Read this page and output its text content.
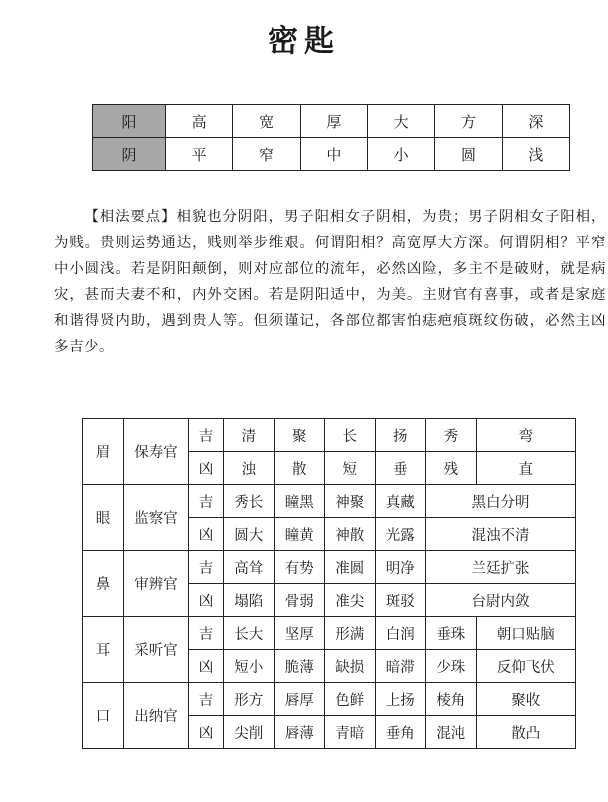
密匙
阳	高	宽	厚	大	方	深
阴	平	窄	中	小	圆	浅
【相法要点】相貌也分阴阳，男子阳相女子阴相，为贵；男子阴相女子阳相，为贱。贵则运势通达，贱则举步维艰。何谓阳相？高宽厚大方深。何谓阴相？平窄中小圆浅。若是阴阳颠倒，则对应部位的流年，必然凶险，多主不是破财，就是病灾，甚而夫妻不和，内外交困。若是阴阳适中，为美。主财官有喜事，或者是家庭和谐得贤内助，遇到贵人等。但须谨记，各部位都害怕痣疤痕斑纹伤破，必然主凶多吉少。
眉	保寿官	吉	清	聚	长	扬	秀	弯
		凶	浊	散	短	垂	残	直
眼	监察官	吉	秀长	瞳黑	神聚	真藏	黑白分明	
		凶	圆大	瞳黄	神散	光露	混浊不清	
鼻	审辨官	吉	高耸	有势	准圆	明净	兰廷扩张	
		凶	塌陷	骨弱	准尖	斑驳	台尉内敛	
耳	采听官	吉	长大	坚厚	形满	白润	垂珠	朝口贴脑
		凶	短小	脆薄	缺损	暗滞	少珠	反仰飞伏
口	出纳官	吉	形方	唇厚	色鲜	上扬	棱角	聚收
		凶	尖削	唇薄	青暗	垂角	混沌	散凸
